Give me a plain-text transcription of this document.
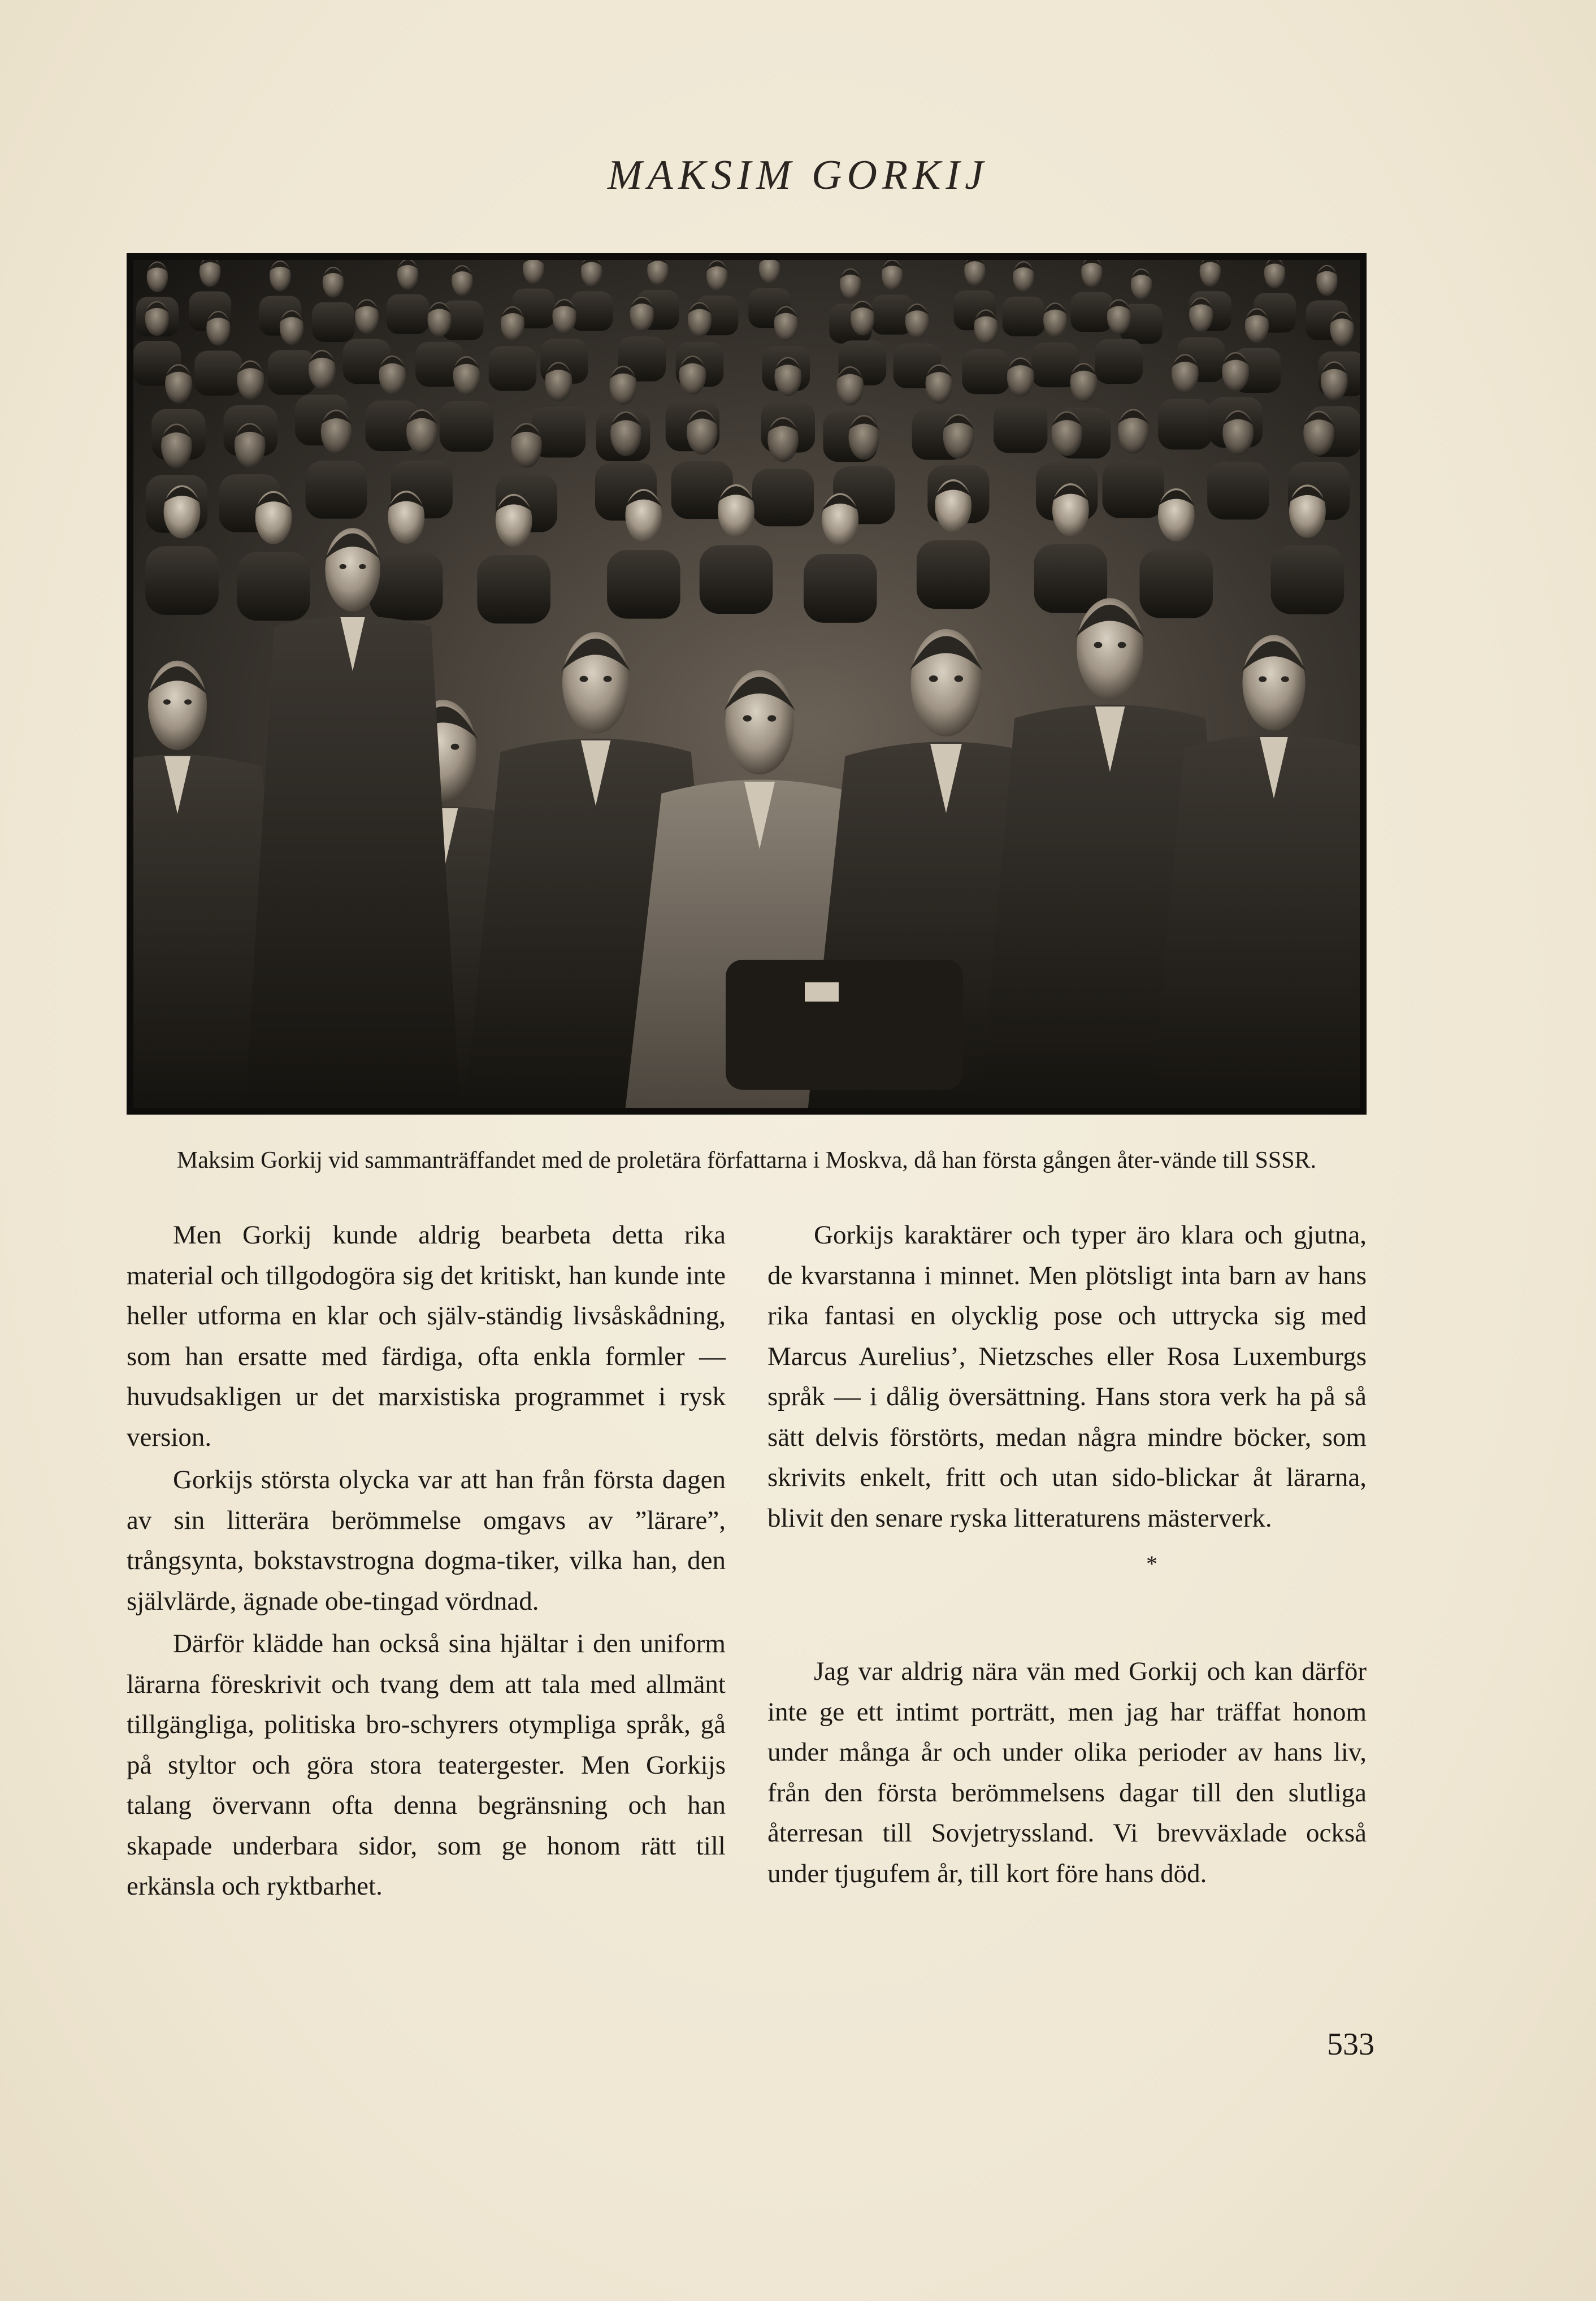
MAKSIM GORKIJ
Maksim Gorkij vid sammanträffandet med de proletära författarna i Moskva, då han första gången åter-vände till SSSR.

Men Gorkij kunde aldrig bearbeta detta rika material och tillgodogöra sig det kritiskt, han kunde inte heller utforma en klar och själv-ständig livsåskådning, som han ersatte med färdiga, ofta enkla formler — huvudsakligen ur det marxistiska programmet i rysk version.

Gorkijs största olycka var att han från första dagen av sin litterära berömmelse omgavs av ”lärare”, trångsynta, bokstavstrogna dogma-tiker, vilka han, den självlärde, ägnade obe-tingad vördnad.

Därför klädde han också sina hjältar i den uniform lärarna föreskrivit och tvang dem att tala med allmänt tillgängliga, politiska bro-schyrers otympliga språk, gå på styltor och göra stora teatergester. Men Gorkijs talang övervann ofta denna begränsning och han skapade underbara sidor, som ge honom rätt till erkänsla och ryktbarhet.

Gorkijs karaktärer och typer äro klara och gjutna, de kvarstanna i minnet. Men plötsligt inta barn av hans rika fantasi en olycklig pose och uttrycka sig med Marcus Aurelius’, Nietzsches eller Rosa Luxemburgs språk — i dålig översättning. Hans stora verk ha på så sätt delvis förstörts, medan några mindre böcker, som skrivits enkelt, fritt och utan sido-blickar åt lärarna, blivit den senare ryska litteraturens mästerverk.

*

Jag var aldrig nära vän med Gorkij och kan därför inte ge ett intimt porträtt, men jag har träffat honom under många år och under olika perioder av hans liv, från den första berömmelsens dagar till den slutliga återresan till Sovjetryssland. Vi brevväxlade också under tjugufem år, till kort före hans död.

533
